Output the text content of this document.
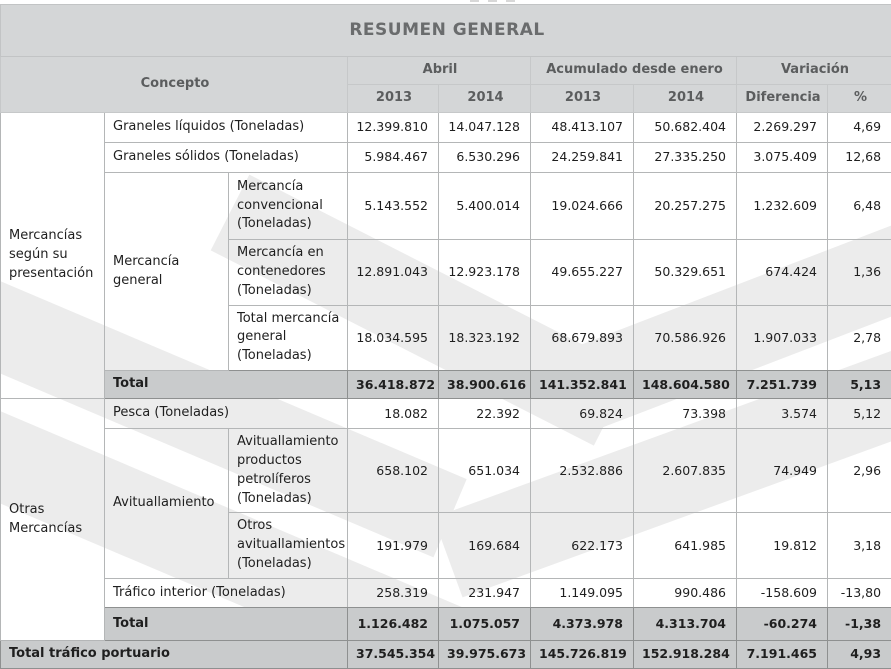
RESUMEN GENERAL								
Concepto			Abril		Acumulado desde enero		Variación	
			2013	2014	2013	2014	Diferencia	%
Mercancías según su presentación	Graneles líquidos (Toneladas)		12.399.810	14.047.128	48.413.107	50.682.404	2.269.297	4,69
	Graneles sólidos (Toneladas)		5.984.467	6.530.296	24.259.841	27.335.250	3.075.409	12,68
	Mercancía general	Mercancía convencional (Toneladas)	5.143.552	5.400.014	19.024.666	20.257.275	1.232.609	6,48
		Mercancía en contenedores (Toneladas)	12.891.043	12.923.178	49.655.227	50.329.651	674.424	1,36
		Total mercancía general (Toneladas)	18.034.595	18.323.192	68.679.893	70.586.926	1.907.033	2,78
	Total		36.418.872	38.900.616	141.352.841	148.604.580	7.251.739	5,13
Otras Mercancías	Pesca (Toneladas)		18.082	22.392	69.824	73.398	3.574	5,12
	Avituallamiento	Avituallamiento productos petrolíferos (Toneladas)	658.102	651.034	2.532.886	2.607.835	74.949	2,96
		Otros avituallamientos (Toneladas)	191.979	169.684	622.173	641.985	19.812	3,18
	Tráfico interior (Toneladas)		258.319	231.947	1.149.095	990.486	-158.609	-13,80
	Total		1.126.482	1.075.057	4.373.978	4.313.704	-60.274	-1,38
Total tráfico portuario			37.545.354	39.975.673	145.726.819	152.918.284	7.191.465	4,93
